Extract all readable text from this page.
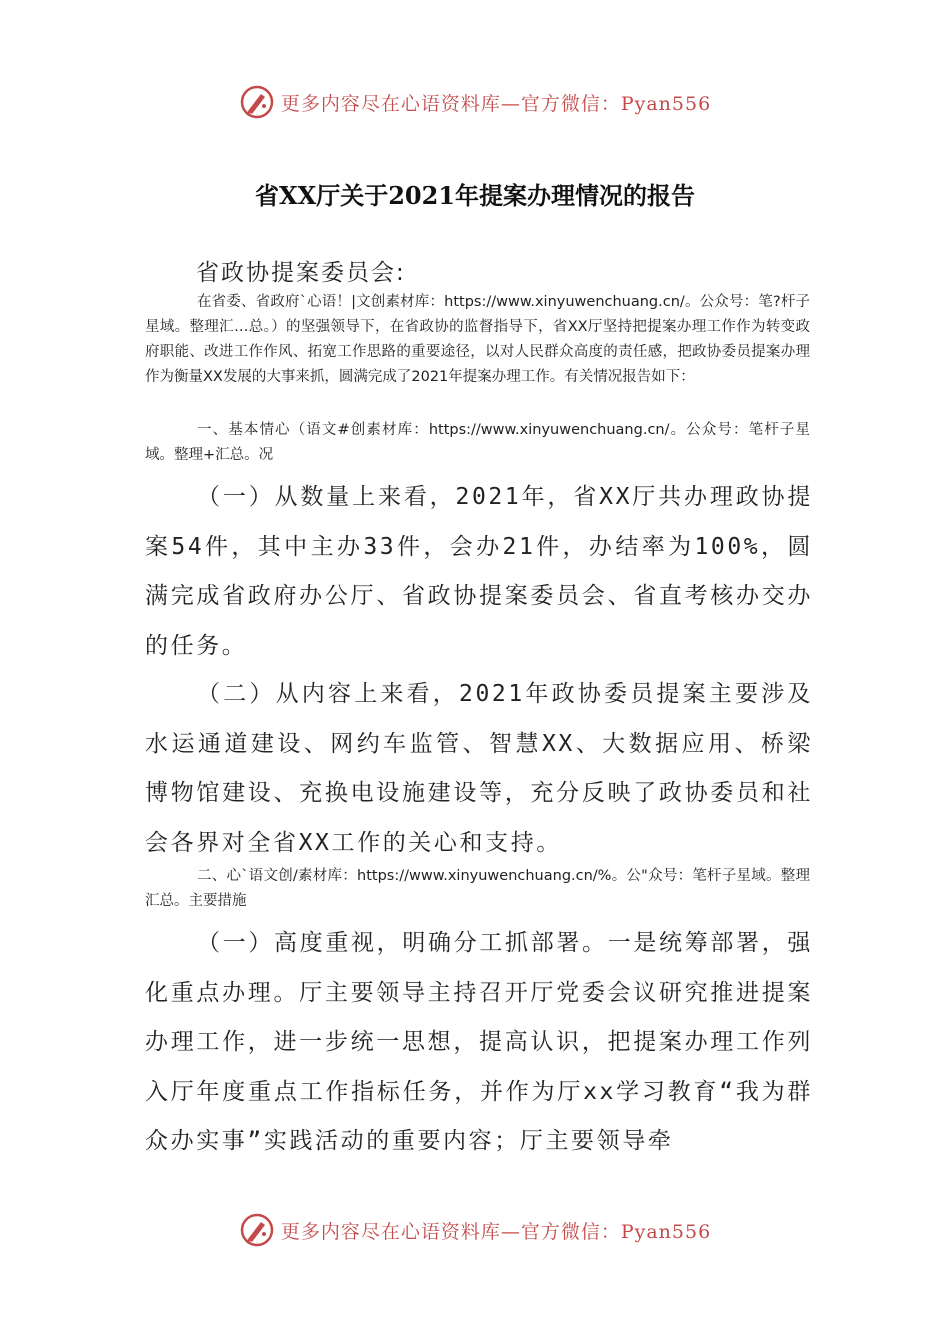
更多内容尽在心语资料库—官方微信：Pyan556
省XX厅关于2021年提案办理情况的报告
省政协提案委员会:
在省委、省政府`心语！|文创素材库：https://www.xinyuwenchuang.cn/。公众号：笔?杆子星域。整理汇…总。）的坚强领导下，在省政协的监督指导下，省XX厅坚持把提案办理工作作为转变政府职能、改进工作作风、拓宽工作思路的重要途径，以对人民群众高度的责任感，把政协委员提案办理作为衡量XX发展的大事来抓，圆满完成了2021年提案办理工作。有关情况报告如下：
一、基本情心（语文#创素材库：https://www.xinyuwenchuang.cn/。公众号：笔杆子星域。整理+汇总。况
（一）从数量上来看，2021年，省XX厅共办理政协提案54件，其中主办33件，会办21件，办结率为100%，圆满完成省政府办公厅、省政协提案委员会、省直考核办交办的任务。
（二）从内容上来看，2021年政协委员提案主要涉及水运通道建设、网约车监管、智慧XX、大数据应用、桥梁博物馆建设、充换电设施建设等，充分反映了政协委员和社会各界对全省XX工作的关心和支持。
二、心`语文创/素材库：https://www.xinyuwenchuang.cn/%。公"众号：笔杆子星域。整理汇总。主要措施
（一）高度重视，明确分工抓部署。一是统筹部署，强化重点办理。厅主要领导主持召开厅党委会议研究推进提案办理工作，进一步统一思想，提高认识，把提案办理工作列入厅年度重点工作指标任务，并作为厅xx学习教育“我为群众办实事”实践活动的重要内容；厅主要领导牵
更多内容尽在心语资料库—官方微信：Pyan556
